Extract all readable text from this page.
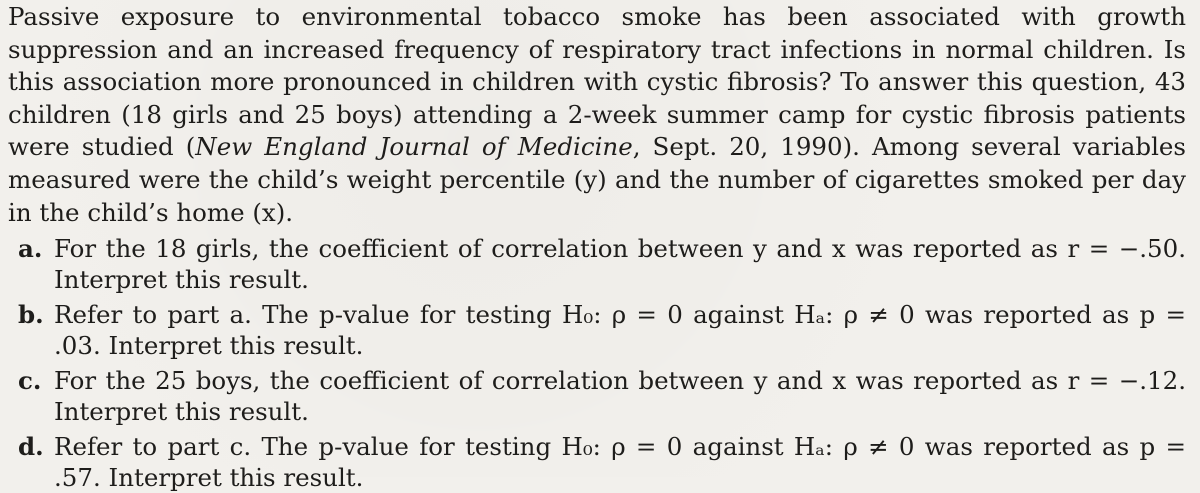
Passive exposure to environmental tobacco smoke has been associated with growth suppression and an increased frequency of respiratory tract infections in normal children. Is this association more pronounced in children with cystic fibrosis? To answer this question, 43 children (18 girls and 25 boys) attending a 2-week summer camp for cystic fibrosis patients were studied (New England Journal of Medicine, Sept. 20, 1990). Among several variables measured were the child’s weight percentile (y) and the number of cigarettes smoked per day in the child’s home (x).

a. For the 18 girls, the coefficient of correlation between y and x was reported as r = −.50. Interpret this result.
b. Refer to part a. The p-value for testing H₀: ρ = 0 against Hₐ: ρ ≠ 0 was reported as p = .03. Interpret this result.
c. For the 25 boys, the coefficient of correlation between y and x was reported as r = −.12. Interpret this result.
d. Refer to part c. The p-value for testing H₀: ρ = 0 against Hₐ: ρ ≠ 0 was reported as p = .57. Interpret this result.
